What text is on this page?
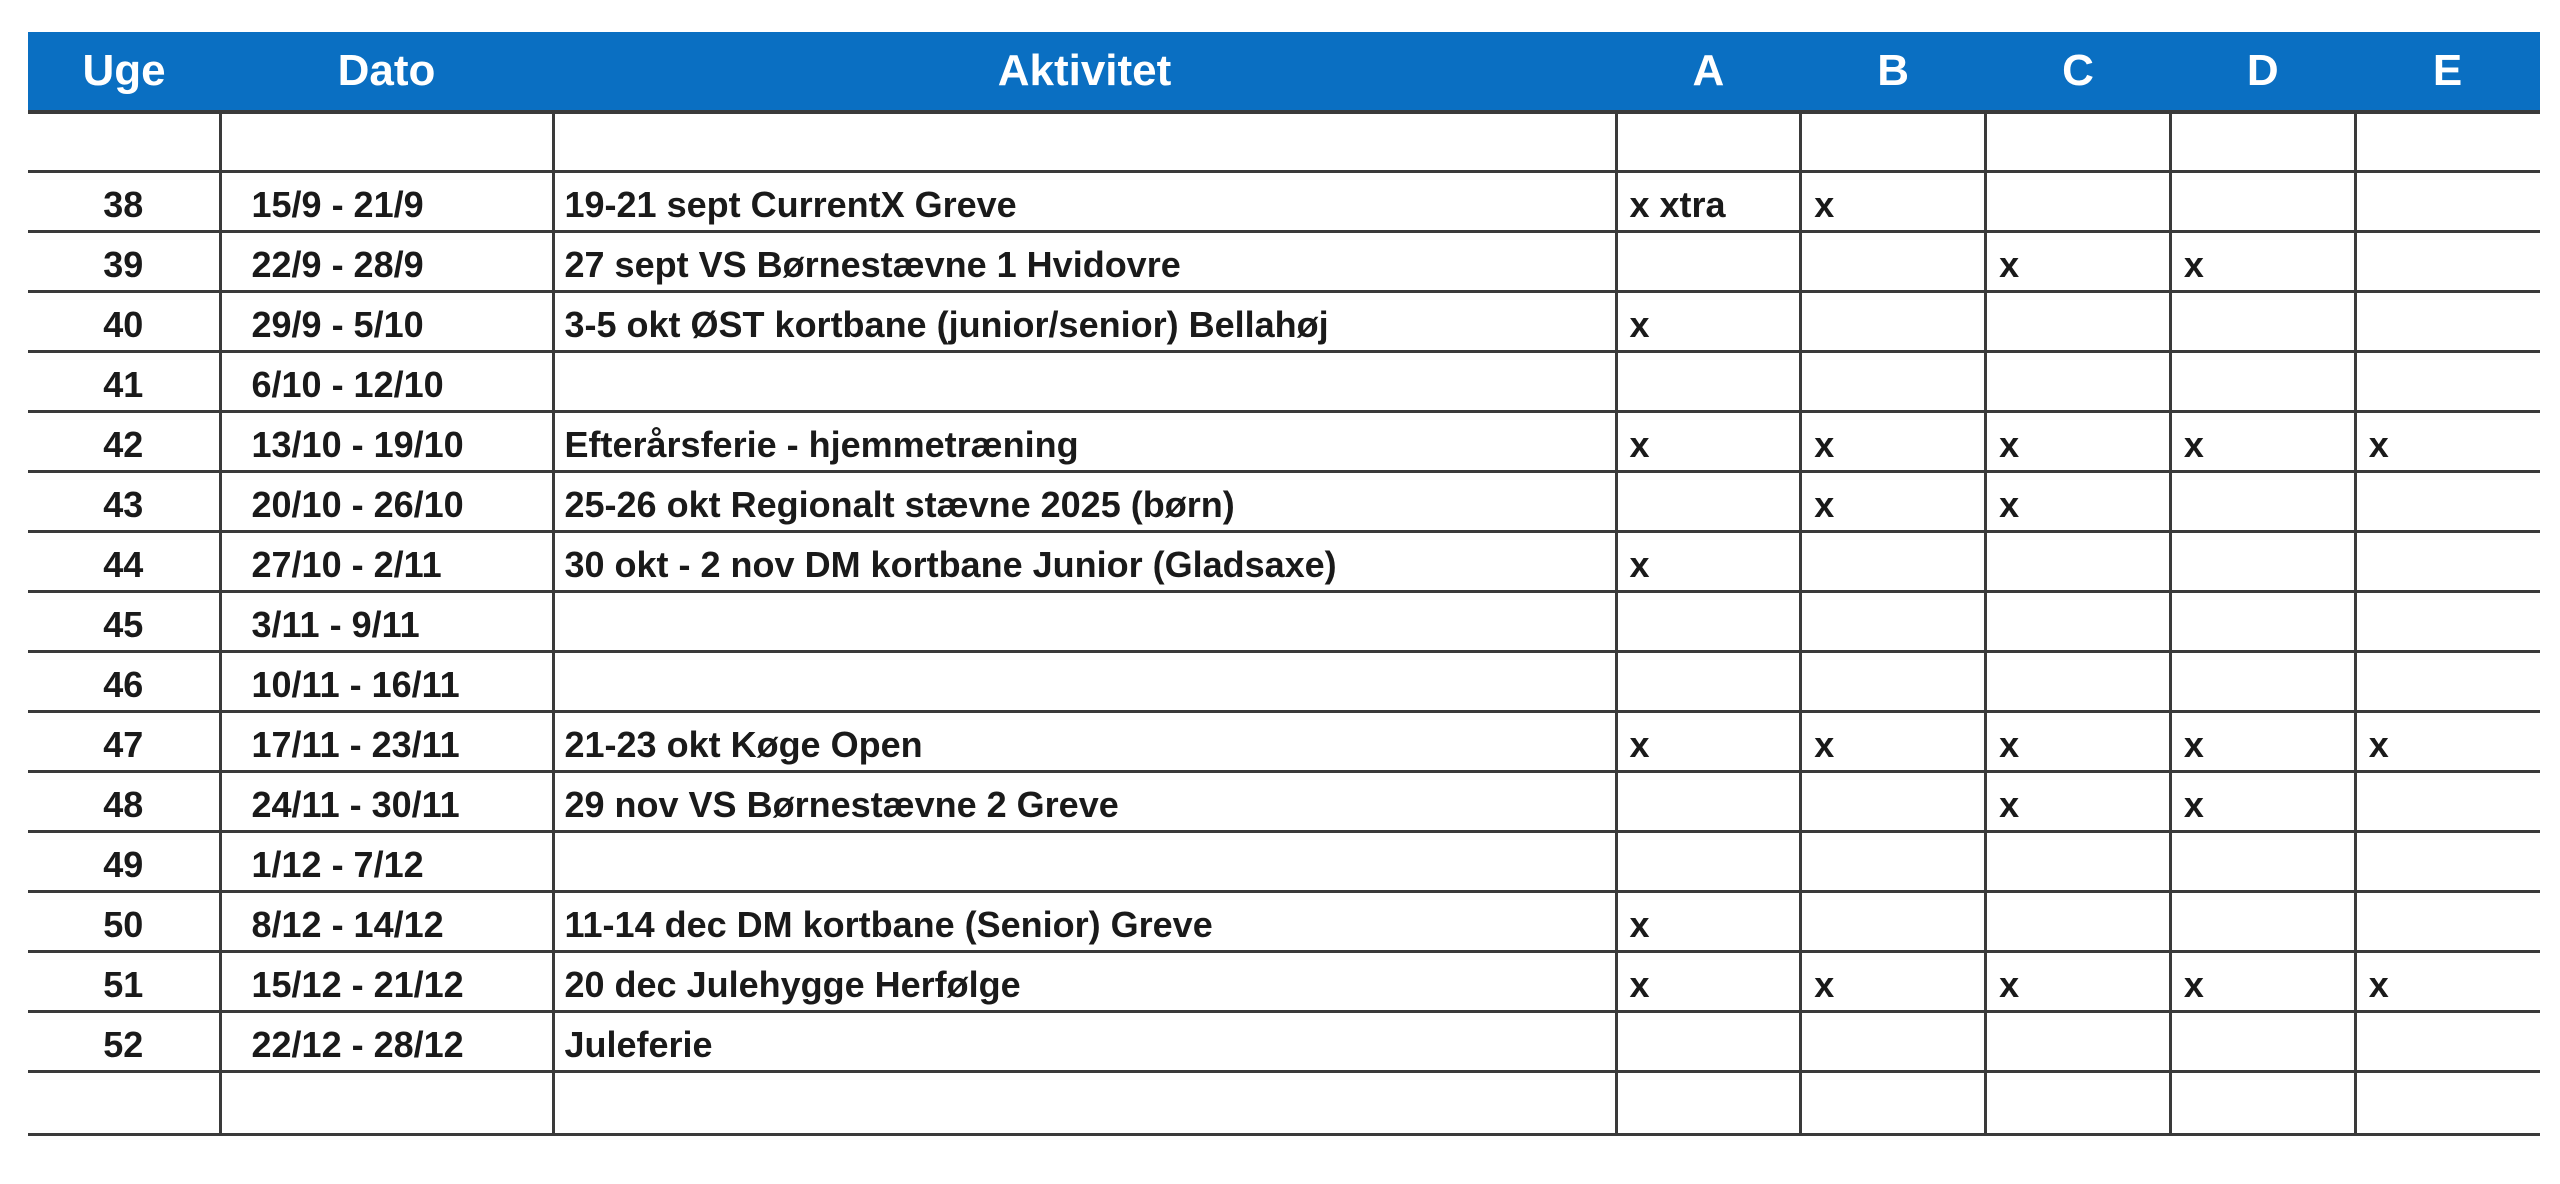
Uge	Dato	Aktivitet	A	B	C	D	E

38	15/9 - 21/9	19-21 sept CurrentX Greve	x xtra	x			
39	22/9 - 28/9	27 sept VS Børnestævne 1 Hvidovre			x	x	
40	29/9 - 5/10	3-5 okt ØST kortbane (junior/senior) Bellahøj	x				
41	6/10 - 12/10						
42	13/10 - 19/10	Efterårsferie - hjemmetræning	x	x	x	x	x
43	20/10 - 26/10	25-26 okt Regionalt stævne 2025 (børn)		x	x		
44	27/10 - 2/11	30 okt - 2 nov DM kortbane Junior (Gladsaxe)	x				
45	3/11 - 9/11						
46	10/11 - 16/11						
47	17/11 - 23/11	21-23 okt Køge Open	x	x	x	x	x
48	24/11 - 30/11	29 nov VS Børnestævne 2 Greve			x	x	
49	1/12 - 7/12						
50	8/12 - 14/12	11-14 dec DM kortbane (Senior) Greve	x				
51	15/12 - 21/12	20 dec Julehygge Herfølge	x	x	x	x	x
52	22/12 - 28/12	Juleferie					
